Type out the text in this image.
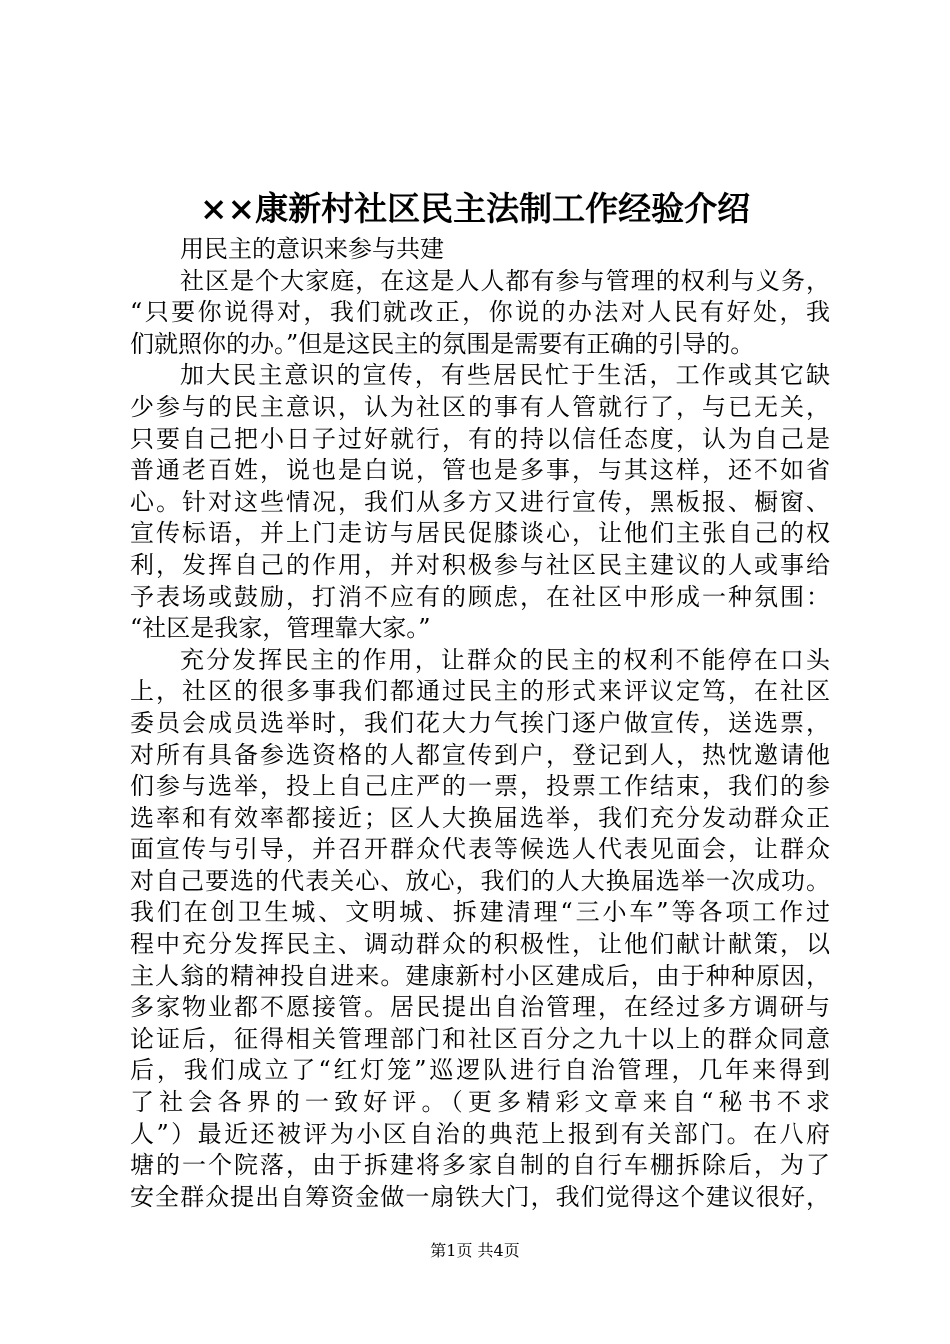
××康新村社区民主法制工作经验介绍
用民主的意识来参与共建
社区是个大家庭，在这是人人都有参与管理的权利与义务，
“只要你说得对，我们就改正，你说的办法对人民有好处，我
们就照你的办。”但是这民主的氛围是需要有正确的引导的。
加大民主意识的宣传，有些居民忙于生活，工作或其它缺
少参与的民主意识，认为社区的事有人管就行了，与已无关，
只要自己把小日子过好就行，有的持以信任态度，认为自己是
普通老百姓，说也是白说，管也是多事，与其这样，还不如省
心。针对这些情况，我们从多方又进行宣传，黑板报、橱窗、
宣传标语，并上门走访与居民促膝谈心，让他们主张自己的权
利，发挥自己的作用，并对积极参与社区民主建议的人或事给
予表场或鼓励，打消不应有的顾虑，在社区中形成一种氛围：
“社区是我家，管理靠大家。”
充分发挥民主的作用，让群众的民主的权利不能停在口头
上，社区的很多事我们都通过民主的形式来评议定笃，在社区
委员会成员选举时，我们花大力气挨门逐户做宣传，送选票，
对所有具备参选资格的人都宣传到户，登记到人，热忱邀请他
们参与选举，投上自己庄严的一票，投票工作结束，我们的参
选率和有效率都接近；区人大换届选举，我们充分发动群众正
面宣传与引导，并召开群众代表等候选人代表见面会，让群众
对自己要选的代表关心、放心，我们的人大换届选举一次成功。
我们在创卫生城、文明城、拆建清理“三小车”等各项工作过
程中充分发挥民主、调动群众的积极性，让他们献计献策，以
主人翁的精神投自进来。建康新村小区建成后，由于种种原因，
多家物业都不愿接管。居民提出自治管理，在经过多方调研与
论证后，征得相关管理部门和社区百分之九十以上的群众同意
后，我们成立了“红灯笼”巡逻队进行自治管理，几年来得到
了社会各界的一致好评。（更多精彩文章来自“秘书不求
人”）最近还被评为小区自治的典范上报到有关部门。在八府
塘的一个院落，由于拆建将多家自制的自行车棚拆除后，为了
安全群众提出自筹资金做一扇铁大门，我们觉得这个建议很好，
第1页 共4页
